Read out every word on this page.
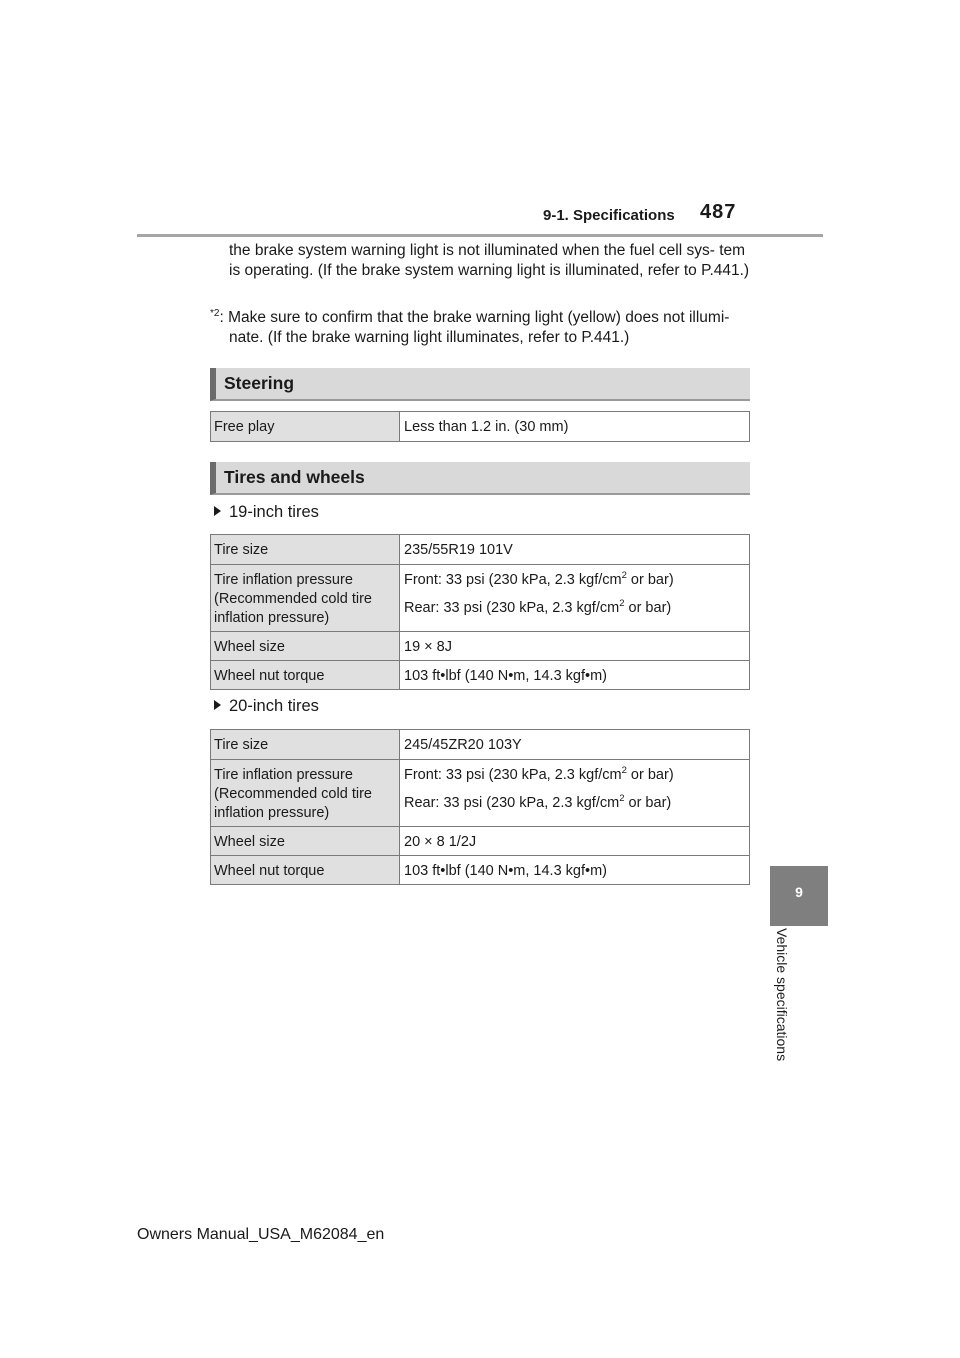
9-1. Specifications 487
the brake system warning light is not illuminated when the fuel cell sys- tem is operating. (If the brake system warning light is illuminated, refer to P.441.)
$^{*2}$: Make sure to confirm that the brake warning light (yellow) does not illumi-
nate. (If the brake warning light illuminates, refer to P.441.)
Steering
Free play	Less than 1.2 in. (30 mm)
Tires and wheels
19-inch tires
Tire size	235/55R19 101V
Tire inflation pressure (Recommended cold tire inflation pressure)	Front: 33 psi (230 kPa, 2.3 kgf/$cm^2$ or bar)
Rear: 33 psi (230 kPa, 2.3 kgf/$cm^2$ or bar)

Wheel size	19 × 8J
Wheel nut torque	103 ft•lbf (140 N•m, 14.3 kgf•m)
20-inch tires
Tire size	245/45ZR20 103Y
Tire inflation pressure (Recommended cold tire inflation pressure)	Front: 33 psi (230 kPa, 2.3 kgf/$cm^2$ or bar)
Rear: 33 psi (230 kPa, 2.3 kgf/$cm^2$ or bar)

Wheel size	20 × 8 1/2J
Wheel nut torque	103 ft•lbf (140 N•m, 14.3 kgf•m)
9
Vehicle specifications
Owners Manual_USA_M62084_en
